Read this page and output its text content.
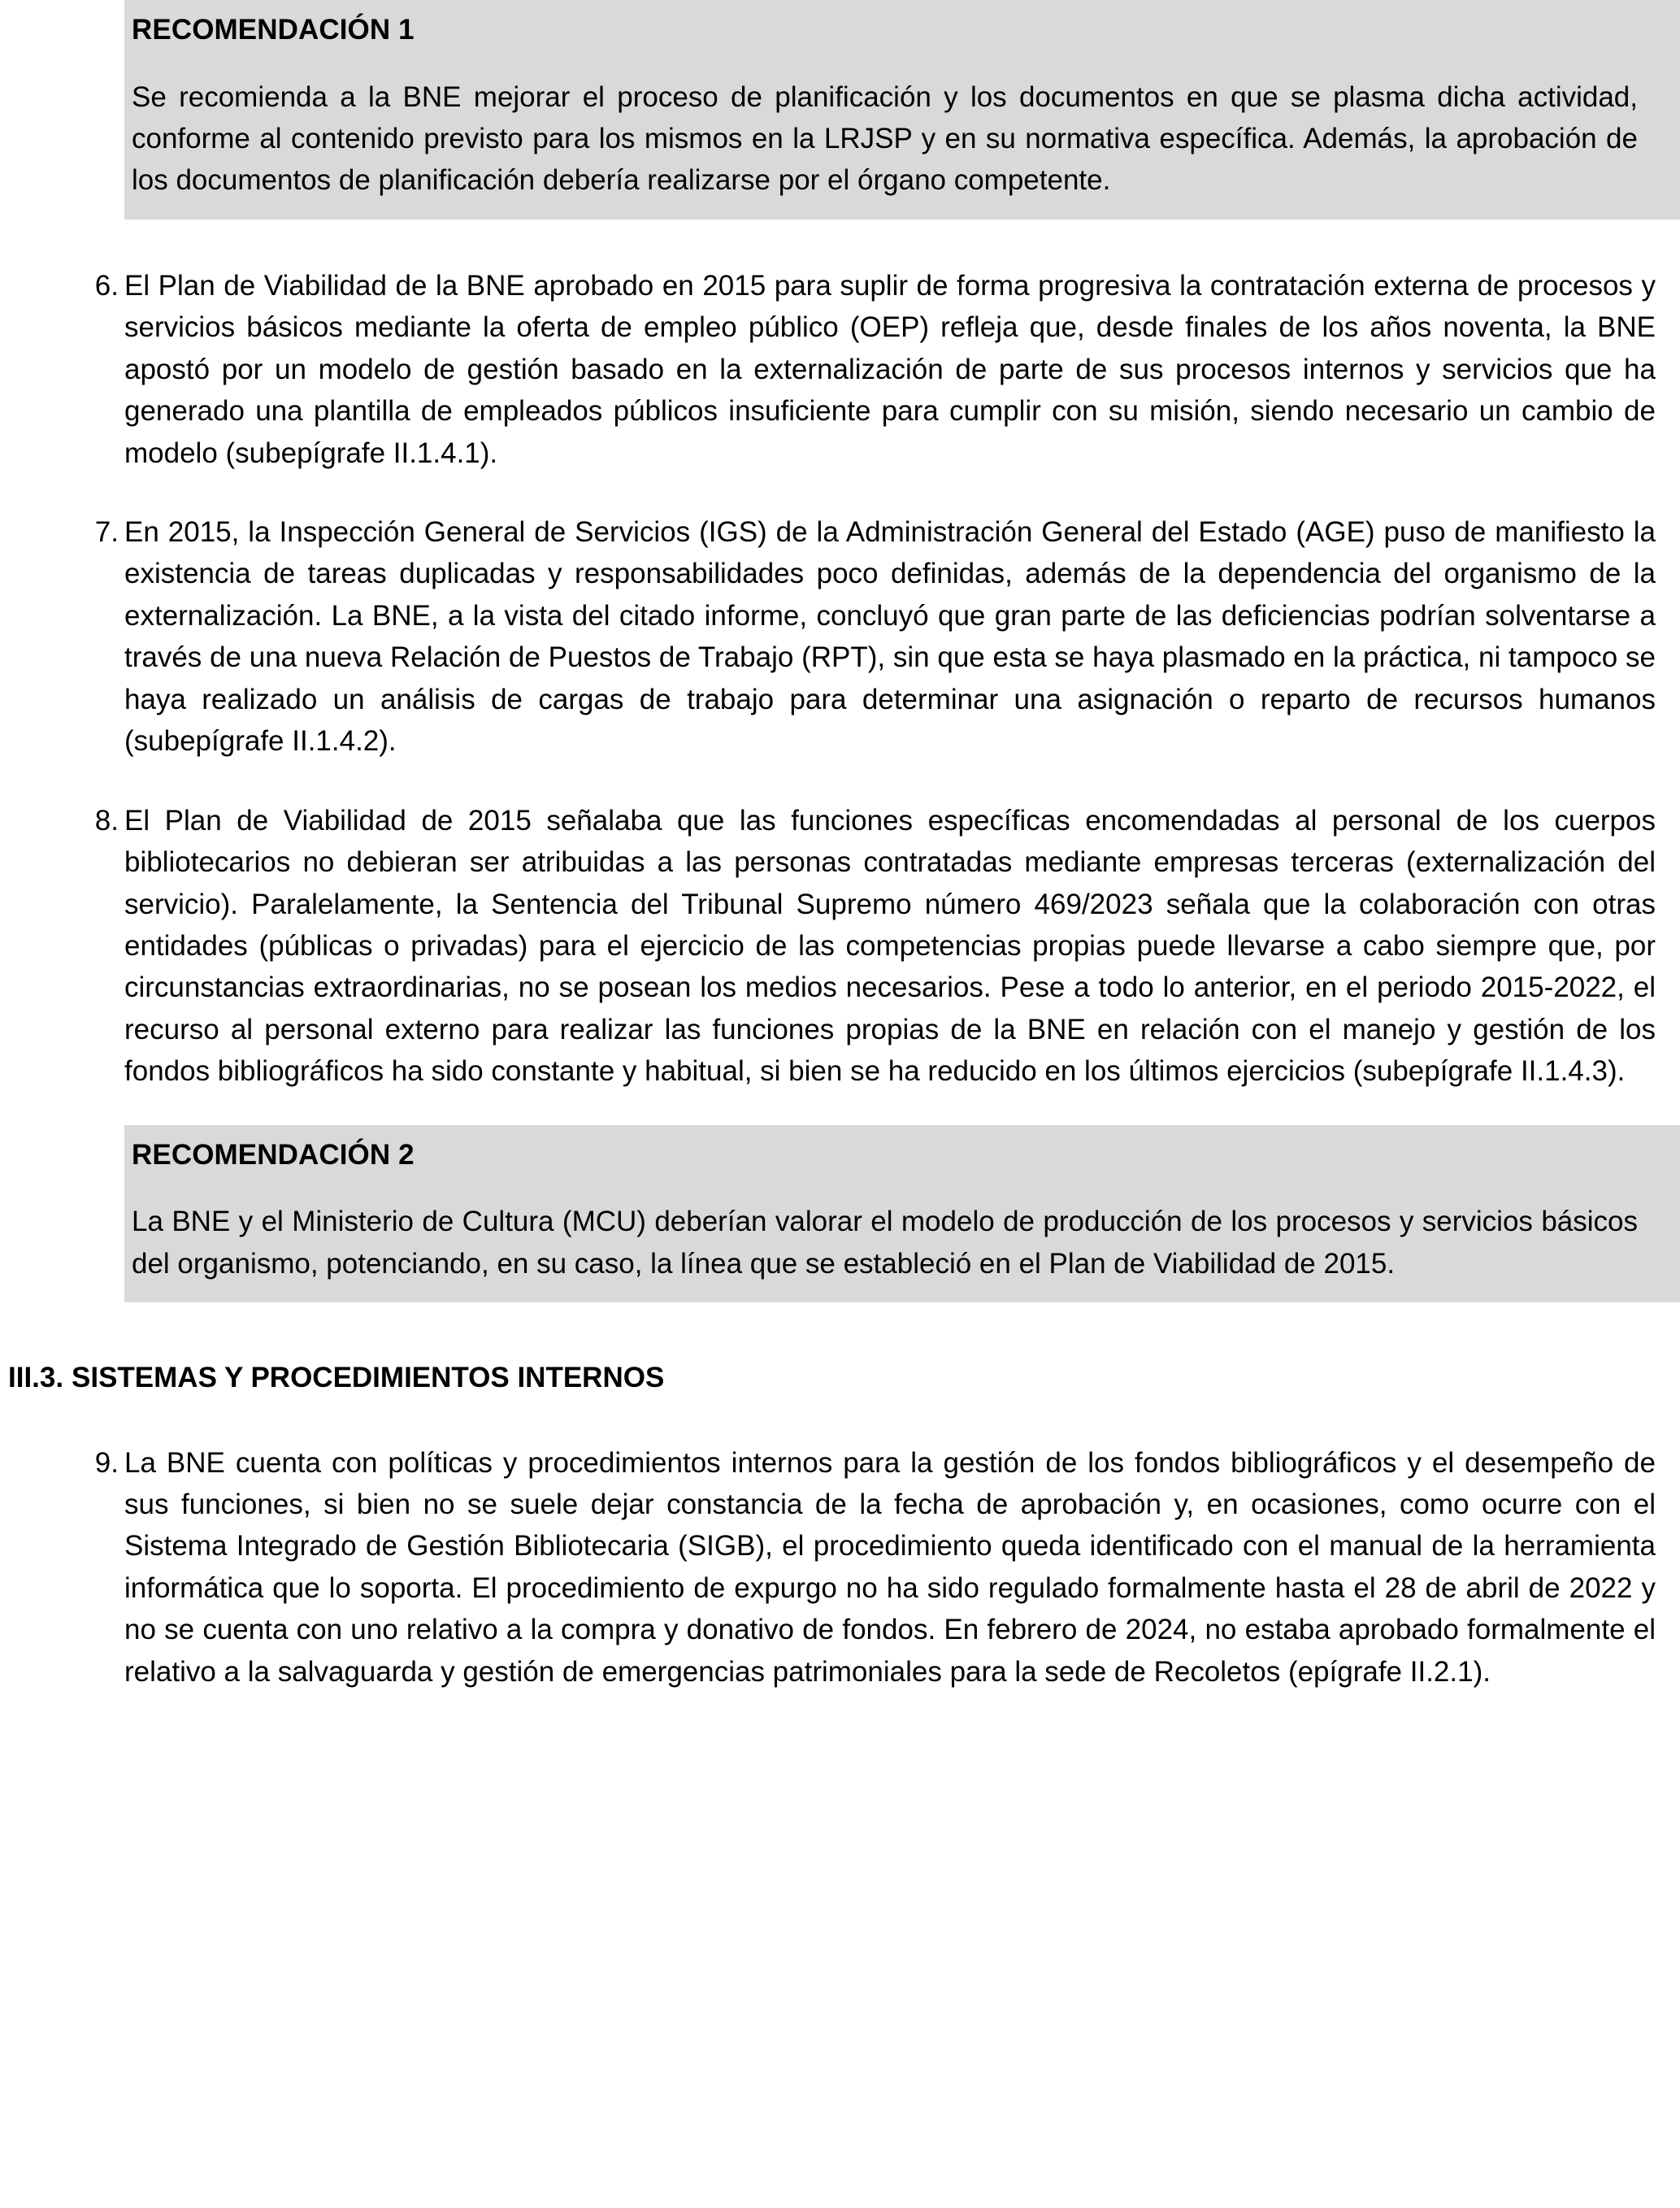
RECOMENDACIÓN 1
Se recomienda a la BNE mejorar el proceso de planificación y los documentos en que se plasma dicha actividad, conforme al contenido previsto para los mismos en la LRJSP y en su normativa específica. Además, la aprobación de los documentos de planificación debería realizarse por el órgano competente.
6. El Plan de Viabilidad de la BNE aprobado en 2015 para suplir de forma progresiva la contratación externa de procesos y servicios básicos mediante la oferta de empleo público (OEP) refleja que, desde finales de los años noventa, la BNE apostó por un modelo de gestión basado en la externalización de parte de sus procesos internos y servicios que ha generado una plantilla de empleados públicos insuficiente para cumplir con su misión, siendo necesario un cambio de modelo (subepígrafe II.1.4.1).
7. En 2015, la Inspección General de Servicios (IGS) de la Administración General del Estado (AGE) puso de manifiesto la existencia de tareas duplicadas y responsabilidades poco definidas, además de la dependencia del organismo de la externalización. La BNE, a la vista del citado informe, concluyó que gran parte de las deficiencias podrían solventarse a través de una nueva Relación de Puestos de Trabajo (RPT), sin que esta se haya plasmado en la práctica, ni tampoco se haya realizado un análisis de cargas de trabajo para determinar una asignación o reparto de recursos humanos (subepígrafe II.1.4.2).
8. El Plan de Viabilidad de 2015 señalaba que las funciones específicas encomendadas al personal de los cuerpos bibliotecarios no debieran ser atribuidas a las personas contratadas mediante empresas terceras (externalización del servicio). Paralelamente, la Sentencia del Tribunal Supremo número 469/2023 señala que la colaboración con otras entidades (públicas o privadas) para el ejercicio de las competencias propias puede llevarse a cabo siempre que, por circunstancias extraordinarias, no se posean los medios necesarios. Pese a todo lo anterior, en el periodo 2015-2022, el recurso al personal externo para realizar las funciones propias de la BNE en relación con el manejo y gestión de los fondos bibliográficos ha sido constante y habitual, si bien se ha reducido en los últimos ejercicios (subepígrafe II.1.4.3).
RECOMENDACIÓN 2
La BNE y el Ministerio de Cultura (MCU) deberían valorar el modelo de producción de los procesos y servicios básicos del organismo, potenciando, en su caso, la línea que se estableció en el Plan de Viabilidad de 2015.
III.3. SISTEMAS Y PROCEDIMIENTOS INTERNOS
9. La BNE cuenta con políticas y procedimientos internos para la gestión de los fondos bibliográficos y el desempeño de sus funciones, si bien no se suele dejar constancia de la fecha de aprobación y, en ocasiones, como ocurre con el Sistema Integrado de Gestión Bibliotecaria (SIGB), el procedimiento queda identificado con el manual de la herramienta informática que lo soporta. El procedimiento de expurgo no ha sido regulado formalmente hasta el 28 de abril de 2022 y no se cuenta con uno relativo a la compra y donativo de fondos. En febrero de 2024, no estaba aprobado formalmente el relativo a la salvaguarda y gestión de emergencias patrimoniales para la sede de Recoletos (epígrafe II.2.1).
